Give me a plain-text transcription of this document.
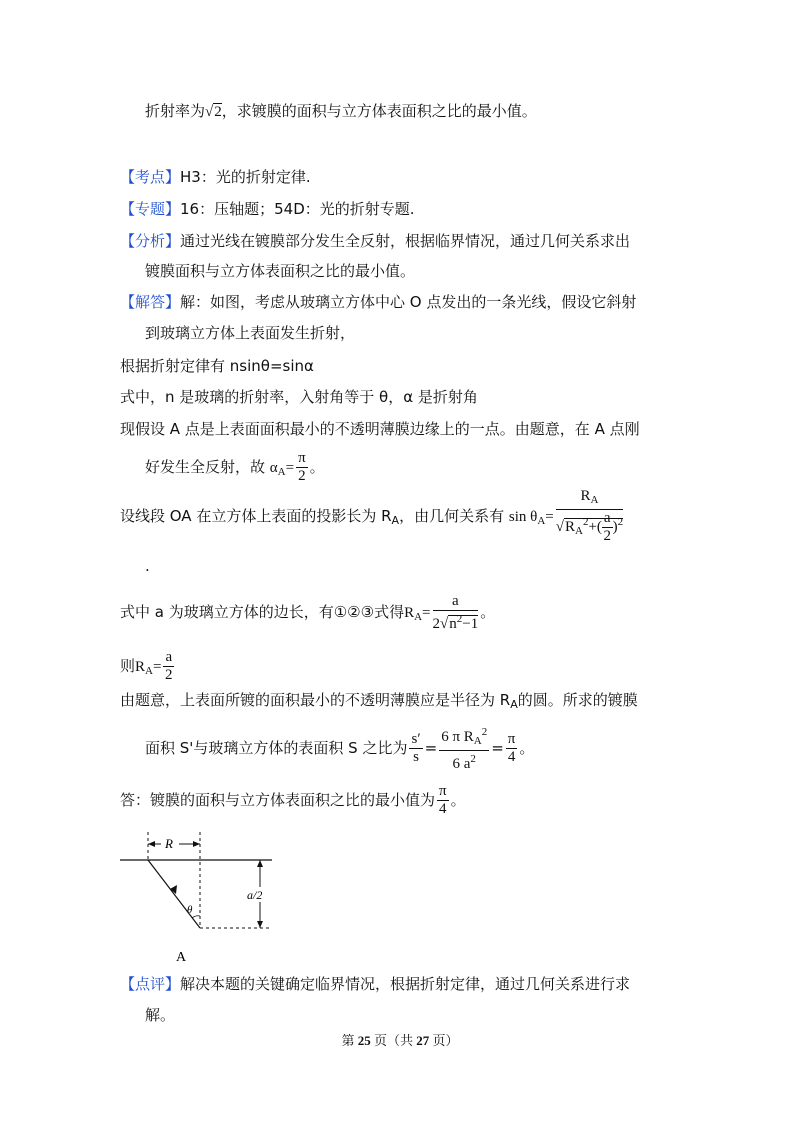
折射率为√2，求镀膜的面积与立方体表面积之比的最小值。
【考点】H3：光的折射定律.
【专题】16：压轴题；54D：光的折射专题.
【分析】通过光线在镀膜部分发生全反射，根据临界情况，通过几何关系求出
镀膜面积与立方体表面积之比的最小值。
【解答】解：如图，考虑从玻璃立方体中心 O 点发出的一条光线，假设它斜射
到玻璃立方体上表面发生折射，
根据折射定律有 nsinθ=sinα
式中，n 是玻璃的折射率，入射角等于 θ，α 是折射角
现假设 A 点是上表面面积最小的不透明薄膜边缘上的一点。由题意，在 A 点刚
好发生全反射，故 $\alpha_A= \frac{\pi}{2}$ 。
设线段 OA 在立方体上表面的投影长为 $R_A$，由几何关系有 $\sin \theta_A= \frac{R_A}{√R_A^2+( \frac{a}{2} )^2}$
.
式中 a 为玻璃立方体的边长，有①②③式得$R_A= \frac{a}{2√n^2-1}$ 。
则$R_A= \frac{a}{2}$
由题意，上表面所镀的面积最小的不透明薄膜应是半径为 $R_A$的圆。所求的镀膜
面积 S'与玻璃立方体的表面积 S 之比为 $\frac{s'}{s} = \frac{6 \pi R_A^2}{6 a^2} = \frac{\pi}{4}$ 。
答：镀膜的面积与立方体表面积之比的最小值为 $\frac{\pi}{4}$ 。
R
θ
a/2
A
【点评】解决本题的关键确定临界情况，根据折射定律，通过几何关系进行求
解。
第 25 页（共 27 页）
